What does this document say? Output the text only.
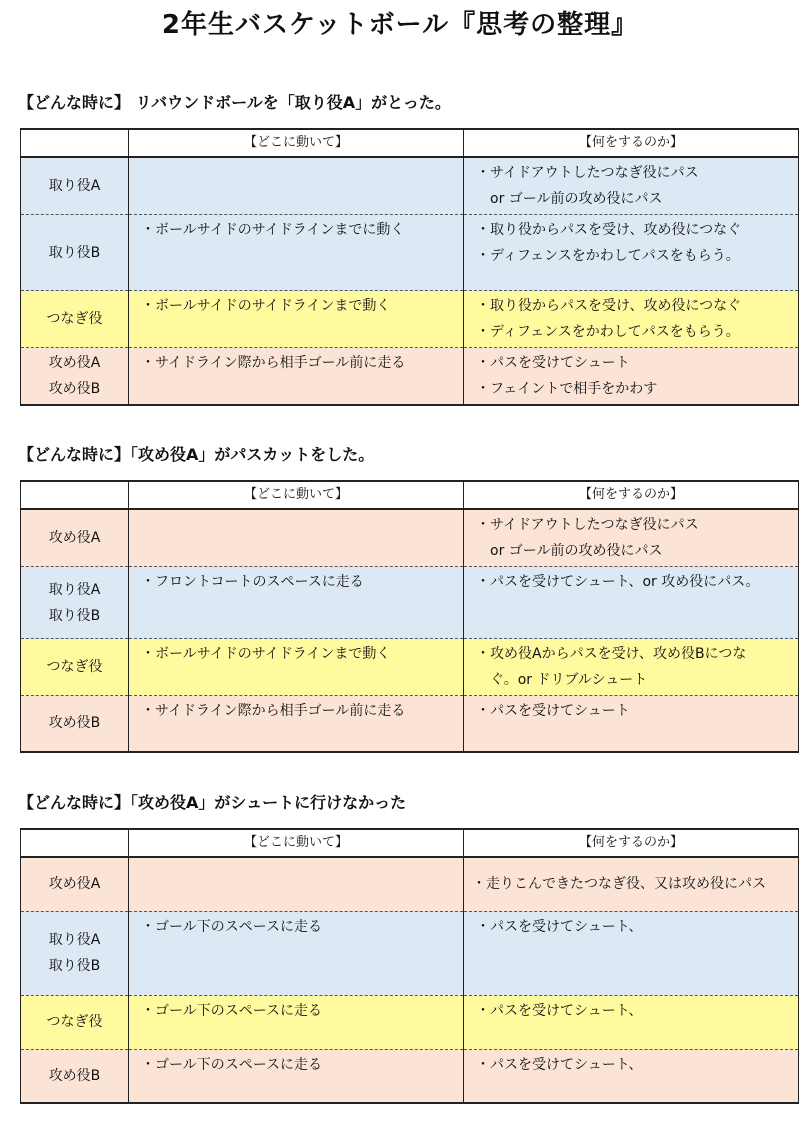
2年生バスケットボール『思考の整理』
【どんな時に】 リバウンドボールを「取り役A」がとった。
	【どこに動いて】	【何をするのか】

取り役A		・サイドアウトしたつなぎ役にパス
or ゴール前の攻め役にパス

取り役B	・ボールサイドのサイドラインまでに動く	・取り役からパスを受け、攻め役につなぐ
・ディフェンスをかわしてパスをもらう。

つなぎ役	・ボールサイドのサイドラインまで動く	・取り役からパスを受け、攻め役につなぐ
・ディフェンスをかわしてパスをもらう。

攻め役A
攻め役B	・サイドライン際から相手ゴール前に走る	・パスを受けてシュート
・フェイントで相手をかわす
【どんな時に】「攻め役A」がパスカットをした。
	【どこに動いて】	【何をするのか】

攻め役A		・サイドアウトしたつなぎ役にパス
or ゴール前の攻め役にパス

取り役A
取り役B	・フロントコートのスペースに走る	・パスを受けてシュート、or 攻め役にパス。

つなぎ役	・ボールサイドのサイドラインまで動く	・攻め役Aからパスを受け、攻め役Bにつな
ぐ。or ドリブルシュート

攻め役B	・サイドライン際から相手ゴール前に走る	・パスを受けてシュート
【どんな時に】「攻め役A」がシュートに行けなかった
	【どこに動いて】	【何をするのか】

攻め役A		・走りこんできたつなぎ役、又は攻め役にパス

取り役A
取り役B	・ゴール下のスペースに走る	・パスを受けてシュート、

つなぎ役	・ゴール下のスペースに走る	・パスを受けてシュート、

攻め役B	・ゴール下のスペースに走る	・パスを受けてシュート、
